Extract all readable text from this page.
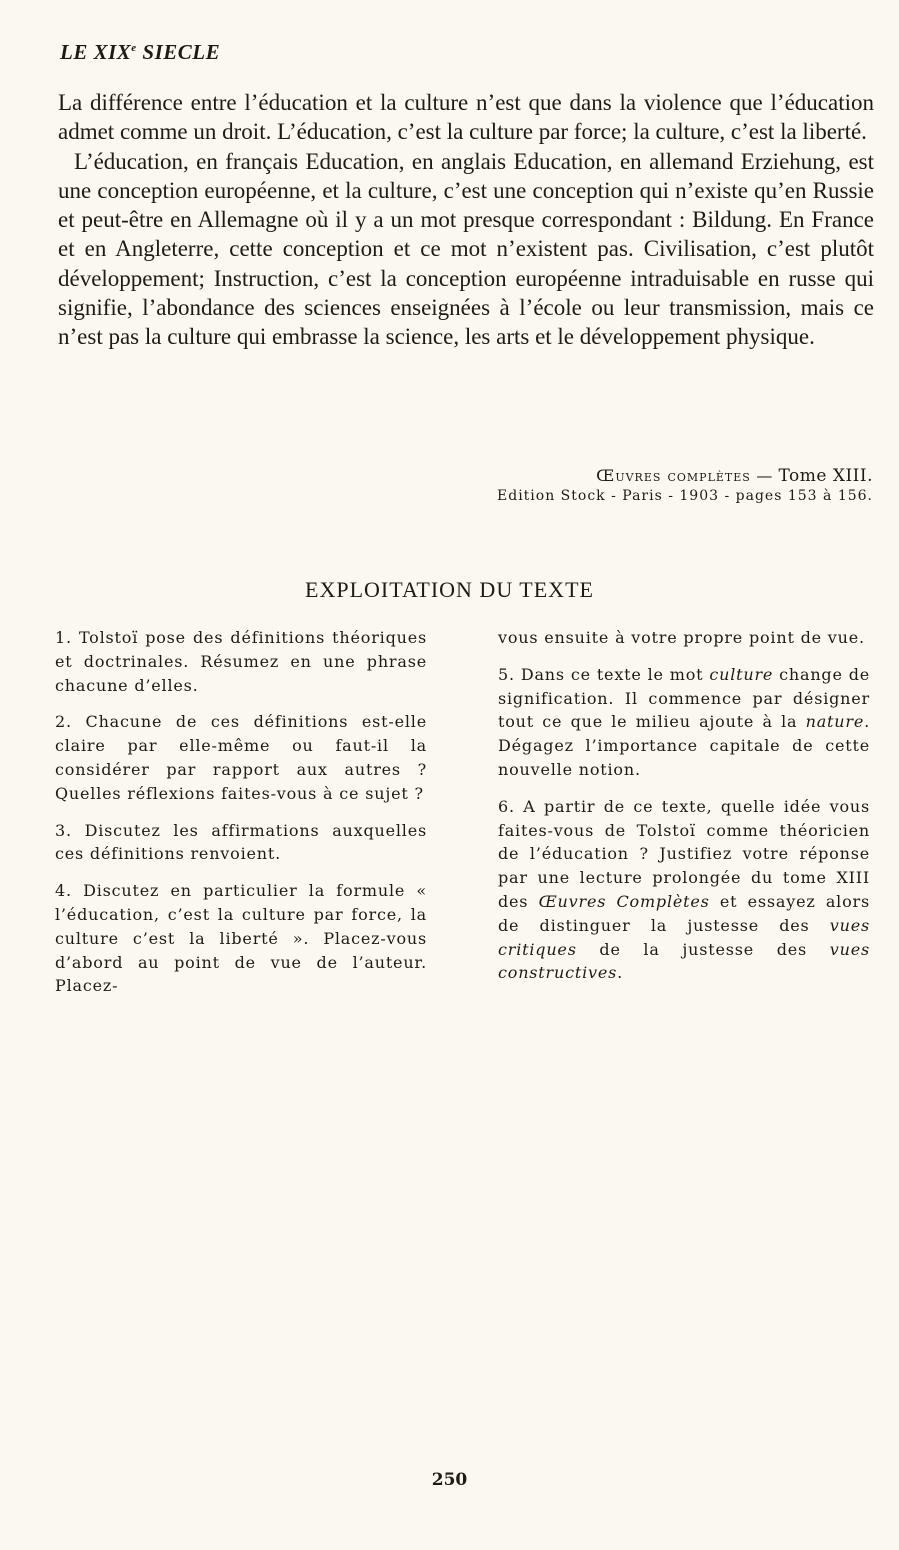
LE XIXe SIECLE

La différence entre l’éducation et la culture n’est que dans la violence que l’éducation admet comme un droit. L’éducation, c’est la culture par force; la culture, c’est la liberté.

L’éducation, en français Education, en anglais Education, en allemand Erziehung, est une conception européenne, et la culture, c’est une conception qui n’existe qu’en Russie et peut-être en Allemagne où il y a un mot presque correspondant : Bildung. En France et en Angleterre, cette conception et ce mot n’existent pas. Civilisation, c’est plutôt développement; Instruction, c’est la conception européenne intraduisable en russe qui signifie, l’abondance des sciences enseignées à l’école ou leur transmission, mais ce n’est pas la culture qui embrasse la science, les arts et le développement physique.

Œuvres complètes — Tome XIII.
Edition Stock - Paris - 1903 - pages 153 à 156.
EXPLOITATION DU TEXTE

1. Tolstoï pose des définitions théoriques et doctrinales. Résumez en une phrase chacune d’elles.

2. Chacune de ces définitions est-elle claire par elle-même ou faut-il la considérer par rapport aux autres ? Quelles réflexions faites-vous à ce sujet ?

3. Discutez les affirmations auxquelles ces définitions renvoient.

4. Discutez en particulier la formule « l’éducation, c’est la culture par force, la culture c’est la liberté ». Placez-vous d’abord au point de vue de l’auteur. Placez-

vous ensuite à votre propre point de vue.

5. Dans ce texte le mot culture change de signification. Il commence par désigner tout ce que le milieu ajoute à la nature. Dégagez l’importance capitale de cette nouvelle notion.

6. A partir de ce texte, quelle idée vous faites-vous de Tolstoï comme théoricien de l’éducation ? Justifiez votre réponse par une lecture prolongée du tome XIII des Œuvres Complètes et essayez alors de distinguer la justesse des vues critiques de la justesse des vues constructives.

250
